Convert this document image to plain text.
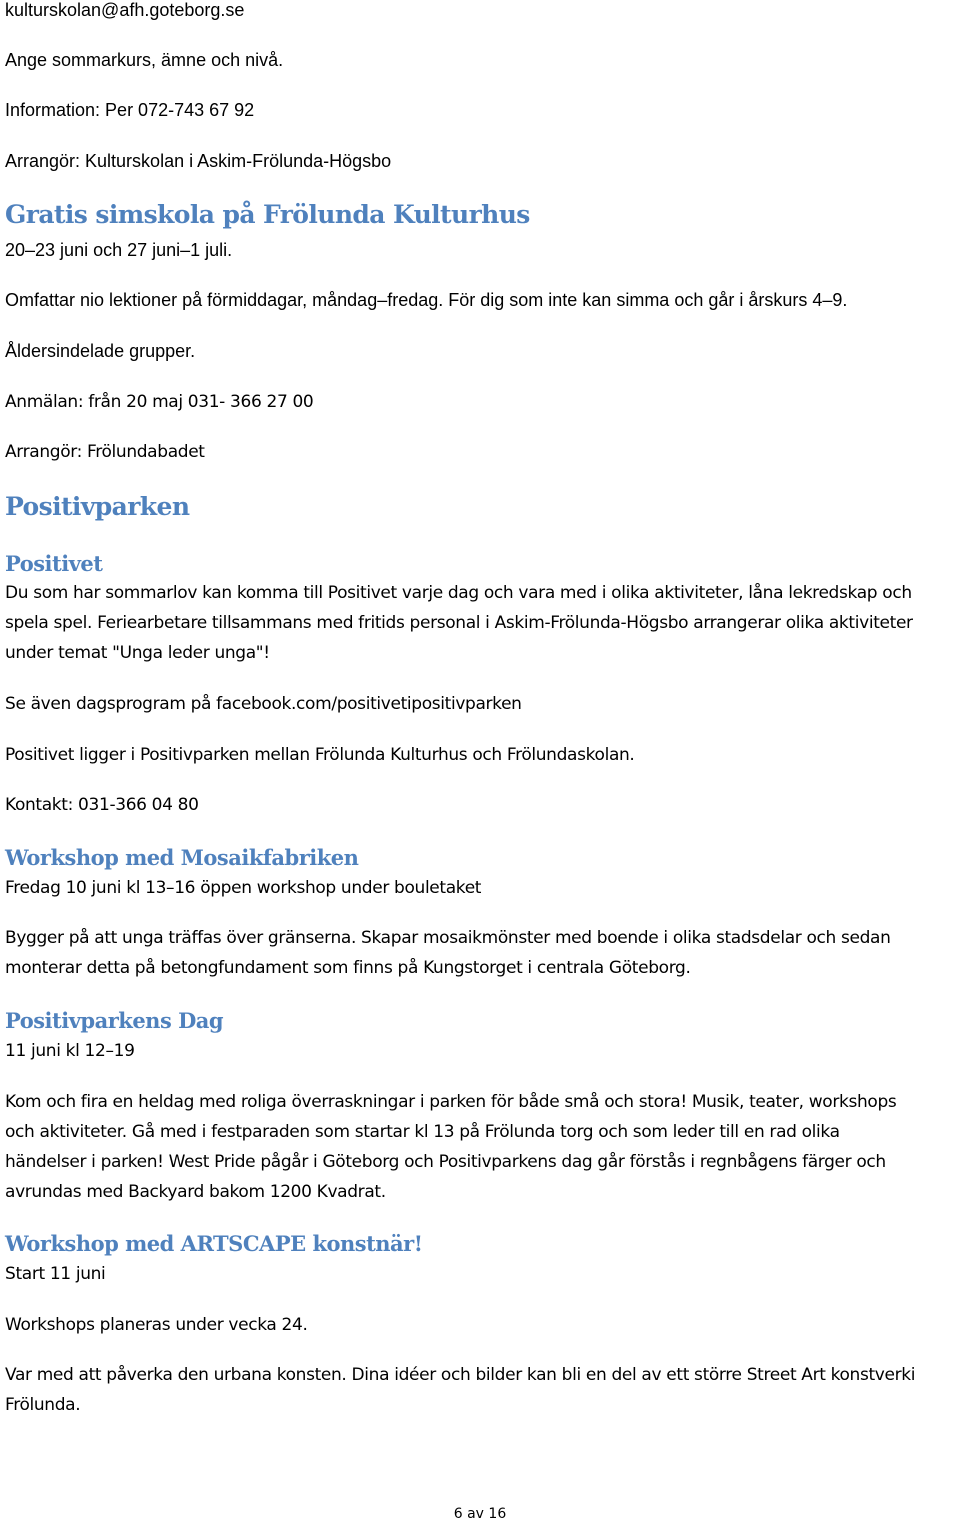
kulturskolan@afh.goteborg.se

Ange sommarkurs, ämne och nivå.

Information: Per 072-743 67 92

Arrangör: Kulturskolan i Askim-Frölunda-Högsbo

Gratis simskola på Frölunda Kulturhus

20–23 juni och 27 juni–1 juli.

Omfattar nio lektioner på förmiddagar, måndag–fredag. För dig som inte kan simma och går i årskurs 4–9.

Åldersindelade grupper.

Anmälan: från 20 maj 031- 366 27 00

Arrangör: Frölundabadet

Positivparken
Positivet

Du som har sommarlov kan komma till Positivet varje dag och vara med i olika aktiviteter, låna lekredskap och

spela spel. Feriearbetare tillsammans med fritids personal i Askim-Frölunda-Högsbo arrangerar olika aktiviteter

under temat "Unga leder unga"!

Se även dagsprogram på facebook.com/positivetipositivparken

Positivet ligger i Positivparken mellan Frölunda Kulturhus och Frölundaskolan.

Kontakt: 031-366 04 80

Workshop med Mosaikfabriken

Fredag 10 juni kl 13–16 öppen workshop under bouletaket

Bygger på att unga träffas över gränserna. Skapar mosaikmönster med boende i olika stadsdelar och sedan

monterar detta på betongfundament som finns på Kungstorget i centrala Göteborg.

Positivparkens Dag

11 juni kl 12–19

Kom och fira en heldag med roliga överraskningar i parken för både små och stora! Musik, teater, workshops

och aktiviteter. Gå med i festparaden som startar kl 13 på Frölunda torg och som leder till en rad olika

händelser i parken! West Pride pågår i Göteborg och Positivparkens dag går förstås i regnbågens färger och

avrundas med Backyard bakom 1200 Kvadrat.

Workshop med ARTSCAPE konstnär!

Start 11 juni

Workshops planeras under vecka 24.

Var med att påverka den urbana konsten. Dina idéer och bilder kan bli en del av ett större Street Art konstverki

Frölunda.

6 av 16
